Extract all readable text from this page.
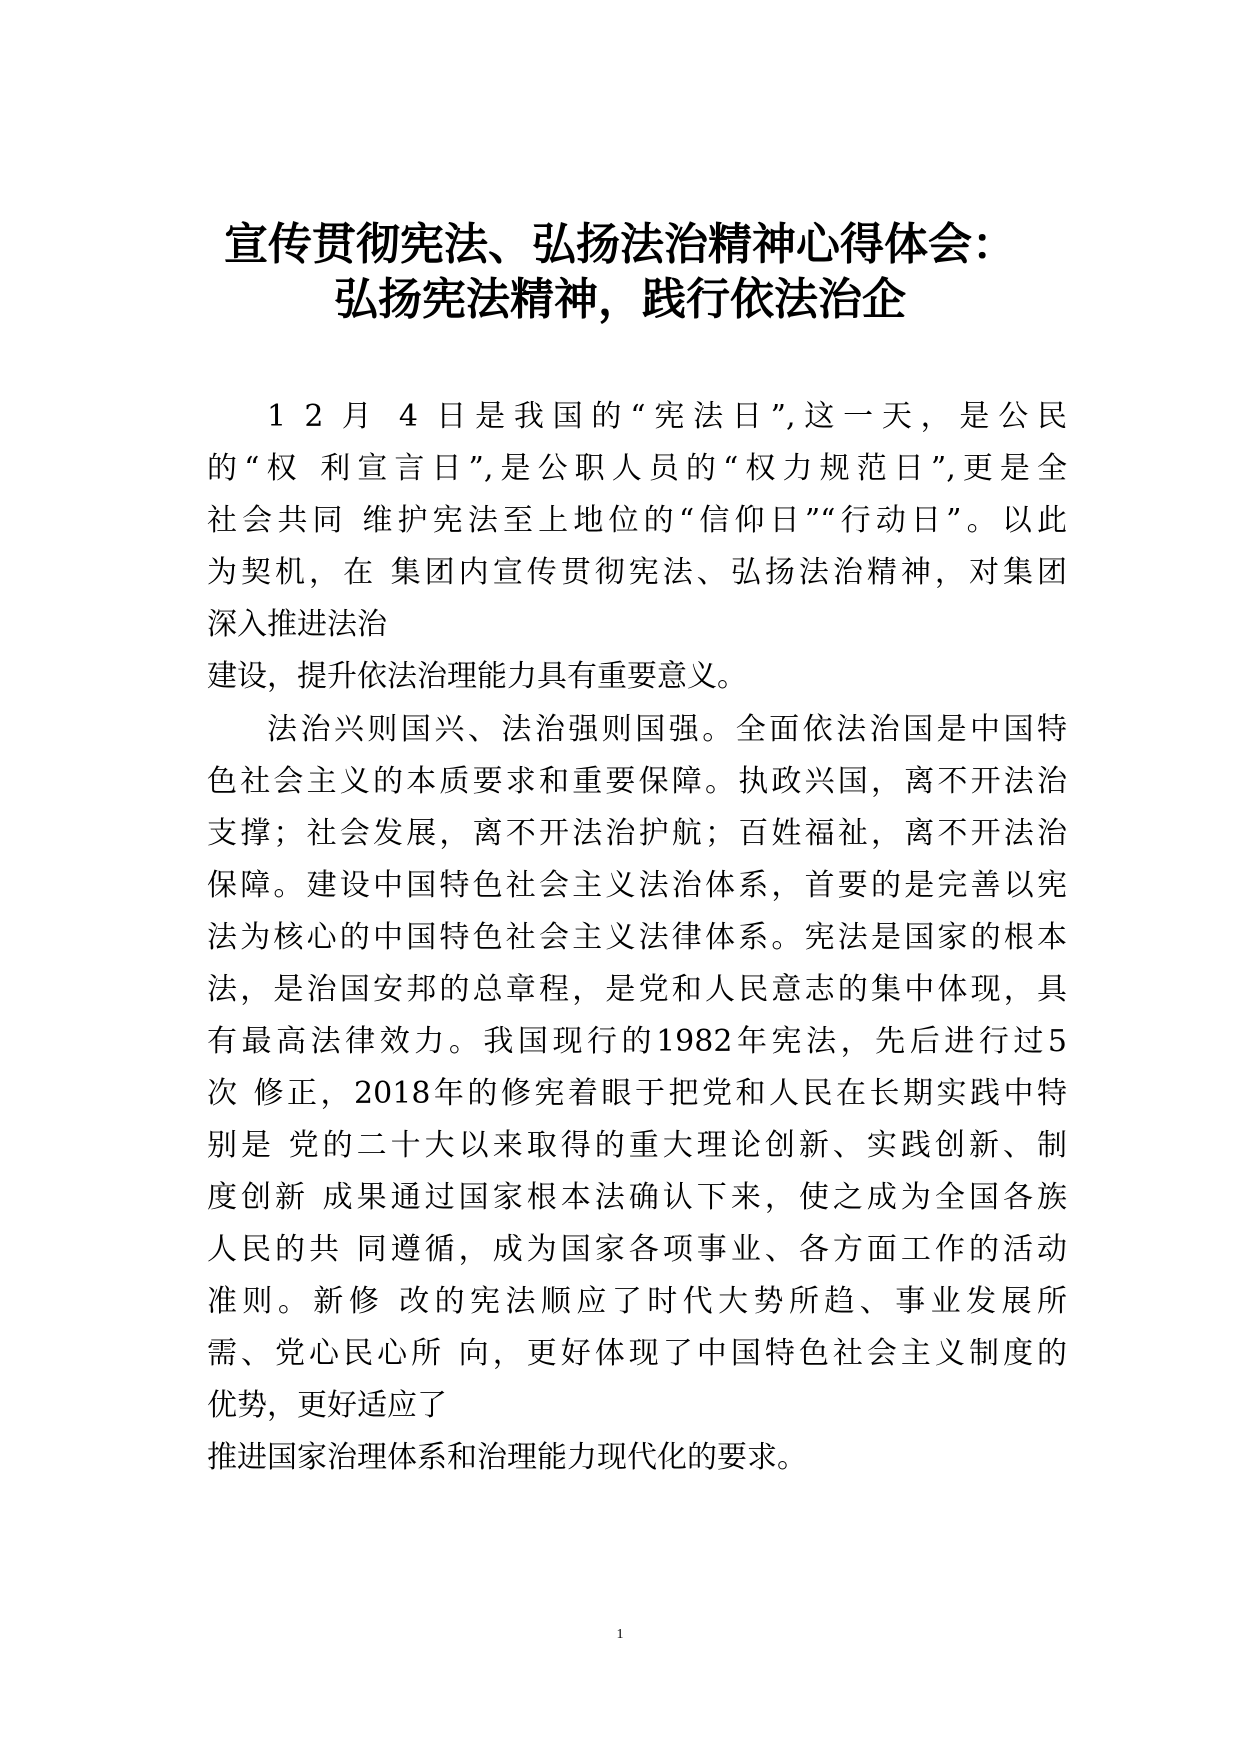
宣传贯彻宪法、弘扬法治精神心得体会：
弘扬宪法精神，践行依法治企
1 2 月 4 日是我国的“宪法日”,这一天，是公民
的“权 利宣言日”,是公职人员的“权力规范日”,更是全
社会共同 维护宪法至上地位的“信仰日”“行动日”。以此
为契机，在 集团内宣传贯彻宪法、弘扬法治精神，对集团
深入推进法治
建设，提升依法治理能力具有重要意义。
法治兴则国兴、法治强则国强。全面依法治国是中国特
色社会主义的本质要求和重要保障。执政兴国，离不开法治
支撑；社会发展，离不开法治护航；百姓福祉，离不开法治
保障。建设中国特色社会主义法治体系，首要的是完善以宪
法为核心的中国特色社会主义法律体系。宪法是国家的根本
法，是治国安邦的总章程，是党和人民意志的集中体现，具
有最高法律效力。我国现行的1982年宪法，先后进行过5
次 修正，2018年的修宪着眼于把党和人民在长期实践中特
别是 党的二十大以来取得的重大理论创新、实践创新、制
度创新 成果通过国家根本法确认下来，使之成为全国各族
人民的共 同遵循，成为国家各项事业、各方面工作的活动
准则。新修 改的宪法顺应了时代大势所趋、事业发展所
需、党心民心所 向，更好体现了中国特色社会主义制度的
优势，更好适应了
推进国家治理体系和治理能力现代化的要求。
1
